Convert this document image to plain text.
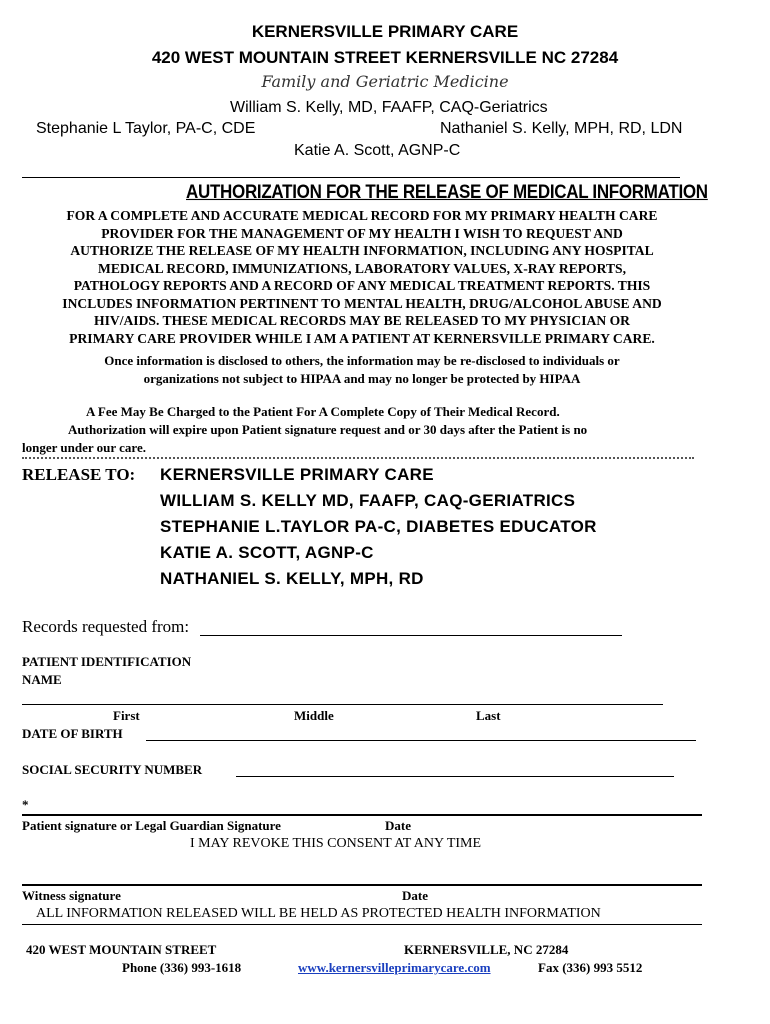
KERNERSVILLE PRIMARY CARE
420 WEST MOUNTAIN STREET KERNERSVILLE NC 27284
Family and Geriatric Medicine
William S. Kelly, MD, FAAFP, CAQ-Geriatrics
Stephanie L Taylor, PA-C, CDE	Nathaniel S. Kelly, MPH, RD, LDN
Katie A. Scott, AGNP-C
AUTHORIZATION FOR THE RELEASE OF MEDICAL INFORMATION
FOR A COMPLETE AND ACCURATE MEDICAL RECORD FOR MY PRIMARY HEALTH CARE
PROVIDER FOR THE MANAGEMENT OF MY HEALTH I WISH TO REQUEST AND
AUTHORIZE THE RELEASE OF MY HEALTH INFORMATION, INCLUDING ANY HOSPITAL
MEDICAL RECORD, IMMUNIZATIONS, LABORATORY VALUES, X-RAY REPORTS,
PATHOLOGY REPORTS AND A RECORD OF ANY MEDICAL TREATMENT REPORTS. THIS
INCLUDES INFORMATION PERTINENT TO MENTAL HEALTH, DRUG/ALCOHOL ABUSE AND
HIV/AIDS. THESE MEDICAL RECORDS MAY BE RELEASED TO MY PHYSICIAN OR
PRIMARY CARE PROVIDER WHILE I AM A PATIENT AT KERNERSVILLE PRIMARY CARE.
Once information is disclosed to others, the information may be re-disclosed to individuals or
organizations not subject to HIPAA and may no longer be protected by HIPAA
A Fee May Be Charged to the Patient For A Complete Copy of Their Medical Record.
Authorization will expire upon Patient signature request and or 30 days after the Patient is no
longer under our care.
RELEASE TO: KERNERSVILLE PRIMARY CARE
WILLIAM S. KELLY MD, FAAFP, CAQ-GERIATRICS
STEPHANIE L.TAYLOR PA-C, DIABETES EDUCATOR
KATIE A. SCOTT, AGNP-C
NATHANIEL S. KELLY, MPH, RD
Records requested from:
PATIENT IDENTIFICATION
NAME
First	Middle	Last
DATE OF BIRTH
SOCIAL SECURITY NUMBER
*
Patient signature or Legal Guardian Signature	Date
I MAY REVOKE THIS CONSENT AT ANY TIME
Witness signature	Date
ALL INFORMATION RELEASED WILL BE HELD AS PROTECTED HEALTH INFORMATION
420 WEST MOUNTAIN STREET	KERNERSVILLE, NC 27284
Phone (336) 993-1618	www.kernersvilleprimarycare.com	Fax (336) 993 5512
